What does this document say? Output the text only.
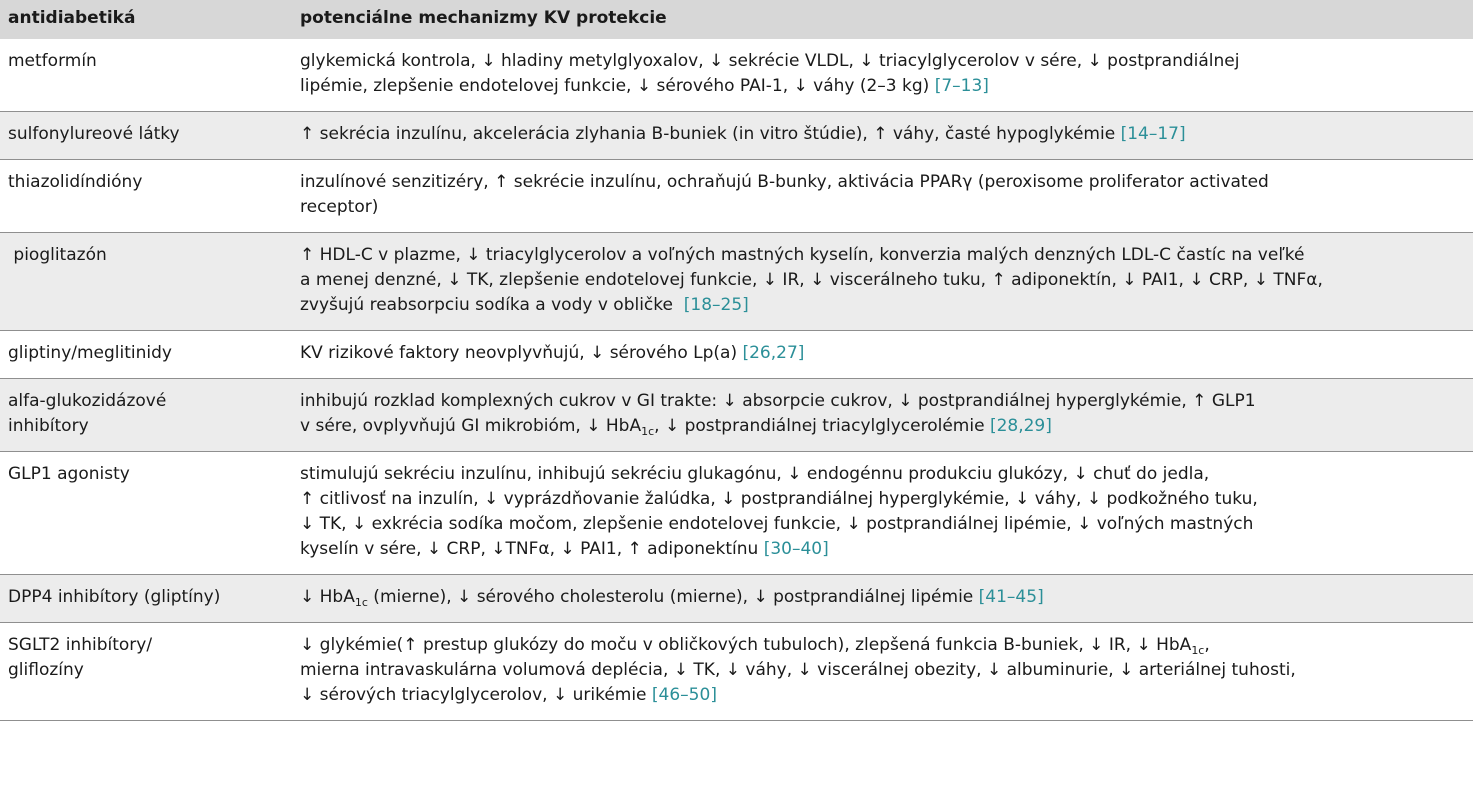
antidiabetiká	potenciálne mechanizmy KV protekcie
metformín	glykemická kontrola, ↓ hladiny metylglyoxalov, ↓ sekrécie VLDL, ↓ triacylglycerolov v sére, ↓ postprandiálnej
lipémie, zlepšenie endotelovej funkcie, ↓ sérového PAI-1, ↓ váhy (2–3 kg) [7–13]

sulfonylureové látky	↑ sekrécia inzulínu, akcelerácia zlyhania B-buniek (in vitro štúdie), ↑ váhy, časté hypoglykémie [14–17]

thiazolidíndióny	inzulínové senzitizéry, ↑ sekrécie inzulínu, ochraňujú B-bunky, aktivácia PPARγ (peroxisome proliferator activated
receptor)

pioglitazón	↑ HDL-C v plazme, ↓ triacylglycerolov a voľných mastných kyselín, konverzia malých denzných LDL-C častíc na veľké
a menej denzné, ↓ TK, zlepšenie endotelovej funkcie, ↓ IR, ↓ viscerálneho tuku, ↑ adiponektín, ↓ PAI1, ↓ CRP, ↓ TNFα,
zvyšujú reabsorpciu sodíka a vody v obličke  [18–25]

gliptiny/meglitinidy	KV rizikové faktory neovplyvňujú, ↓ sérového Lp(a) [26,27]

alfa-glukozidázové
inhibítory	inhibujú rozklad komplexných cukrov v GI trakte: ↓ absorpcie cukrov, ↓ postprandiálnej hyperglykémie, ↑ GLP1
v sére, ovplyvňujú GI mikrobióm, ↓ HbA$_{1c}$, ↓ postprandiálnej triacylglycerolémie [28,29]

GLP1 agonisty	stimulujú sekréciu inzulínu, inhibujú sekréciu glukagónu, ↓ endogénnu produkciu glukózy, ↓ chuť do jedla,
↑ citlivosť na inzulín, ↓ vyprázdňovanie žalúdka, ↓ postprandiálnej hyperglykémie, ↓ váhy, ↓ podkožného tuku,
↓ TK, ↓ exkrécia sodíka močom, zlepšenie endotelovej funkcie, ↓ postprandiálnej lipémie, ↓ voľných mastných
kyselín v sére, ↓ CRP, ↓TNFα, ↓ PAI1, ↑ adiponektínu [30–40]

DPP4 inhibítory (gliptíny)	↓ HbA$_{1c}$ (mierne), ↓ sérového cholesterolu (mierne), ↓ postprandiálnej lipémie [41–45]

SGLT2 inhibítory/
gliflozíny	↓ glykémie(↑ prestup glukózy do moču v obličkových tubuloch), zlepšená funkcia B-buniek, ↓ IR, ↓ HbA$_{1c}$,
mierna intravaskulárna volumová deplécia, ↓ TK, ↓ váhy, ↓ viscerálnej obezity, ↓ albuminurie, ↓ arteriálnej tuhosti,
↓ sérových triacylglycerolov, ↓ urikémie [46–50]
